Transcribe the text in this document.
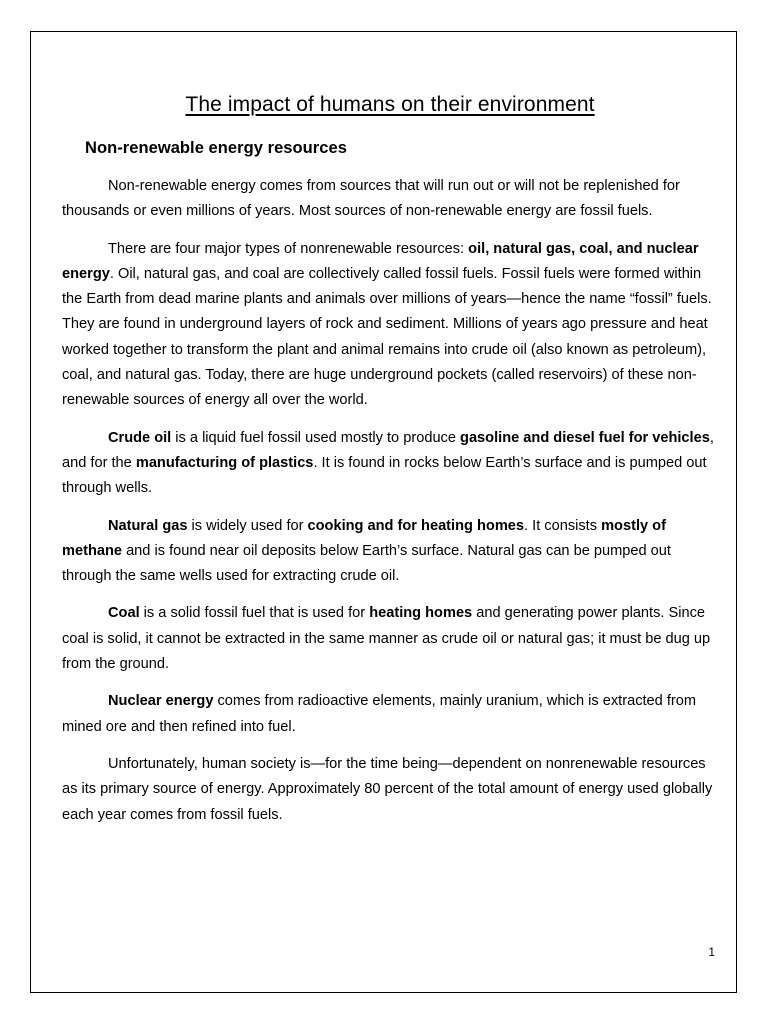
The impact of humans on their environment
Non-renewable energy resources

Non-renewable energy comes from sources that will run out or will not be replenished for thousands or even millions of years. Most sources of non-renewable energy are fossil fuels.

There are four major types of nonrenewable resources: oil, natural gas, coal, and nuclear energy. Oil, natural gas, and coal are collectively called fossil fuels. Fossil fuels were formed within the Earth from dead marine plants and animals over millions of years—hence the name “fossil” fuels. They are found in underground layers of rock and sediment. Millions of years ago pressure and heat worked together to transform the plant and animal remains into crude oil (also known as petroleum), coal, and natural gas. Today, there are huge underground pockets (called reservoirs) of these non-renewable sources of energy all over the world.

Crude oil is a liquid fuel fossil used mostly to produce gasoline and diesel fuel for vehicles, and for the manufacturing of plastics. It is found in rocks below Earth’s surface and is pumped out through wells.

Natural gas is widely used for cooking and for heating homes. It consists mostly of methane and is found near oil deposits below Earth’s surface. Natural gas can be pumped out through the same wells used for extracting crude oil.

Coal is a solid fossil fuel that is used for heating homes and generating power plants. Since coal is solid, it cannot be extracted in the same manner as crude oil or natural gas; it must be dug up from the ground.

Nuclear energy comes from radioactive elements, mainly uranium, which is extracted from mined ore and then refined into fuel.

Unfortunately, human society is—for the time being—dependent on nonrenewable resources as its primary source of energy. Approximately 80 percent of the total amount of energy used globally each year comes from fossil fuels.

1
